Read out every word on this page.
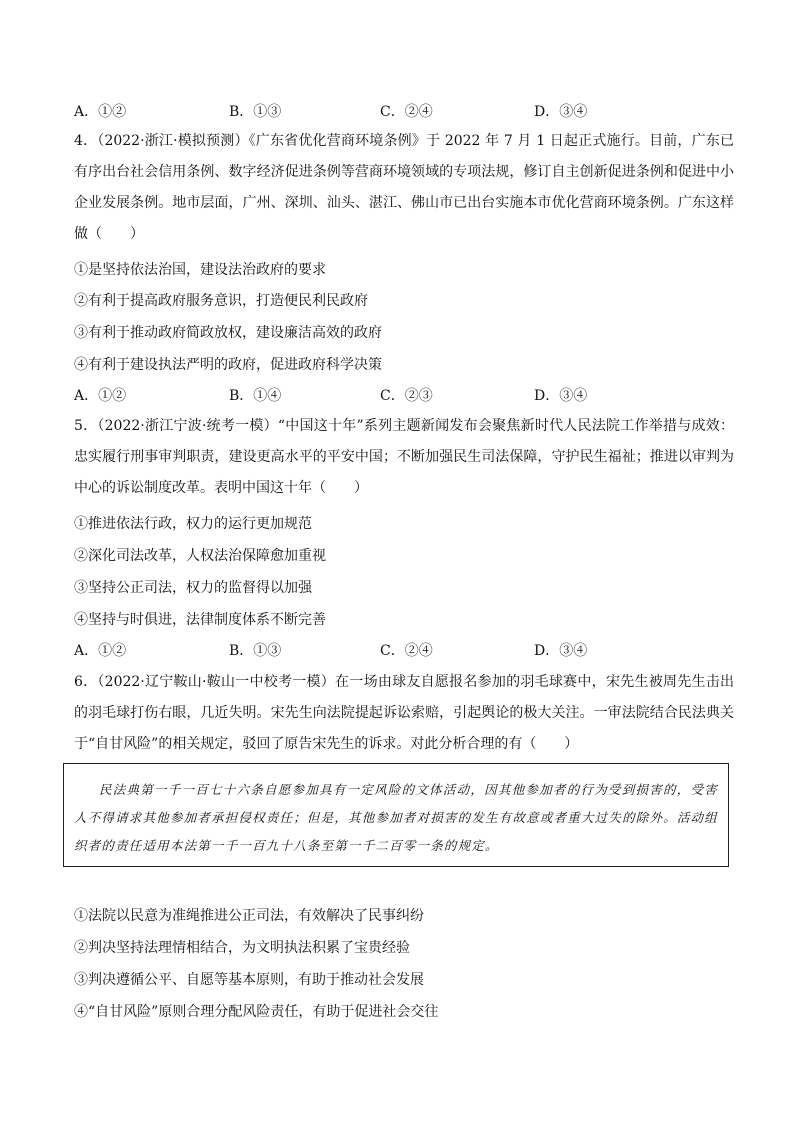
A．①②	B．①③	C．②④	D．③④
4．（2022·浙江·模拟预测）《广东省优化营商环境条例》于 2022 年 7 月 1 日起正式施行。目前，广东已有序出台社会信用条例、数字经济促进条例等营商环境领域的专项法规，修订自主创新促进条例和促进中小企业发展条例。地市层面，广州、深圳、汕头、湛江、佛山市已出台实施本市优化营商环境条例。广东这样做（　　）
①是坚持依法治国，建设法治政府的要求
②有利于提高政府服务意识，打造便民利民政府
③有利于推动政府简政放权，建设廉洁高效的政府
④有利于建设执法严明的政府，促进政府科学决策
A．①②	B．①④	C．②③	D．③④
5．（2022·浙江宁波·统考一模）“中国这十年”系列主题新闻发布会聚焦新时代人民法院工作举措与成效：忠实履行刑事审判职责，建设更高水平的平安中国；不断加强民生司法保障，守护民生福祉；推进以审判为中心的诉讼制度改革。表明中国这十年（　　）
①推进依法行政，权力的运行更加规范
②深化司法改革，人权法治保障愈加重视
③坚持公正司法，权力的监督得以加强
④坚持与时俱进，法律制度体系不断完善
A．①②	B．①③	C．②④	D．③④
6．（2022·辽宁鞍山·鞍山一中校考一模）在一场由球友自愿报名参加的羽毛球赛中，宋先生被周先生击出的羽毛球打伤右眼，几近失明。宋先生向法院提起诉讼索赔，引起舆论的极大关注。一审法院结合民法典关于“自甘风险”的相关规定，驳回了原告宋先生的诉求。对此分析合理的有（　　）
民法典第一千一百七十六条自愿参加具有一定风险的文体活动，因其他参加者的行为受到损害的，受害人不得请求其他参加者承担侵权责任；但是，其他参加者对损害的发生有故意或者重大过失的除外。活动组织者的责任适用本法第一千一百九十八条至第一千二百零一条的规定。
①法院以民意为准绳推进公正司法，有效解决了民事纠纷
②判决坚持法理情相结合，为文明执法积累了宝贵经验
③判决遵循公平、自愿等基本原则，有助于推动社会发展
④“自甘风险”原则合理分配风险责任，有助于促进社会交往
